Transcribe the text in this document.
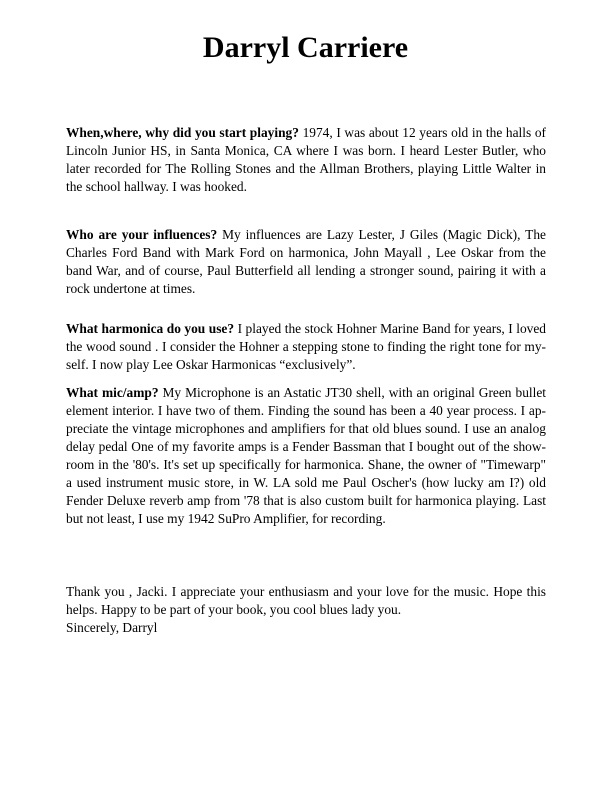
Darryl Carriere

When,where, why did you start playing? 1974, I was about 12 years old in the halls of Lincoln Junior HS, in Santa Monica, CA where I was born. I heard Lester Butler, who later recorded for The Rolling Stones and the Allman Brothers, playing Little Walter in the school hallway. I was hooked.

Who are your influences? My influences are Lazy Lester, J Giles (Magic Dick), The Charles Ford Band with Mark Ford on harmonica, John Mayall , Lee Oskar from the band War, and of course, Paul Butterfield all lending a stronger sound, pairing it with a rock undertone at times.

What harmonica do you use? I played the stock Hohner Marine Band for years, I loved the wood sound . I consider the Hohner a stepping stone to finding the right tone for my-self. I now play Lee Oskar Harmonicas “exclusively”.

What mic/amp? My Microphone is an Astatic JT30 shell, with an original Green bullet element interior. I have two of them. Finding the sound has been a 40 year process. I ap-preciate the vintage microphones and amplifiers for that old blues sound. I use an analog delay pedal One of my favorite amps is a Fender Bassman that I bought out of the show-room in the '80's. It's set up specifically for harmonica. Shane, the owner of "Timewarp" a used instrument music store, in W. LA sold me Paul Oscher's (how lucky am I?) old Fender Deluxe reverb amp from '78 that is also custom built for harmonica playing. Last but not least, I use my 1942 SuPro Amplifier, for recording.

Thank you , Jacki. I appreciate your enthusiasm and your love for the music. Hope this helps. Happy to be part of your book, you cool blues lady you.
Sincerely, Darryl
